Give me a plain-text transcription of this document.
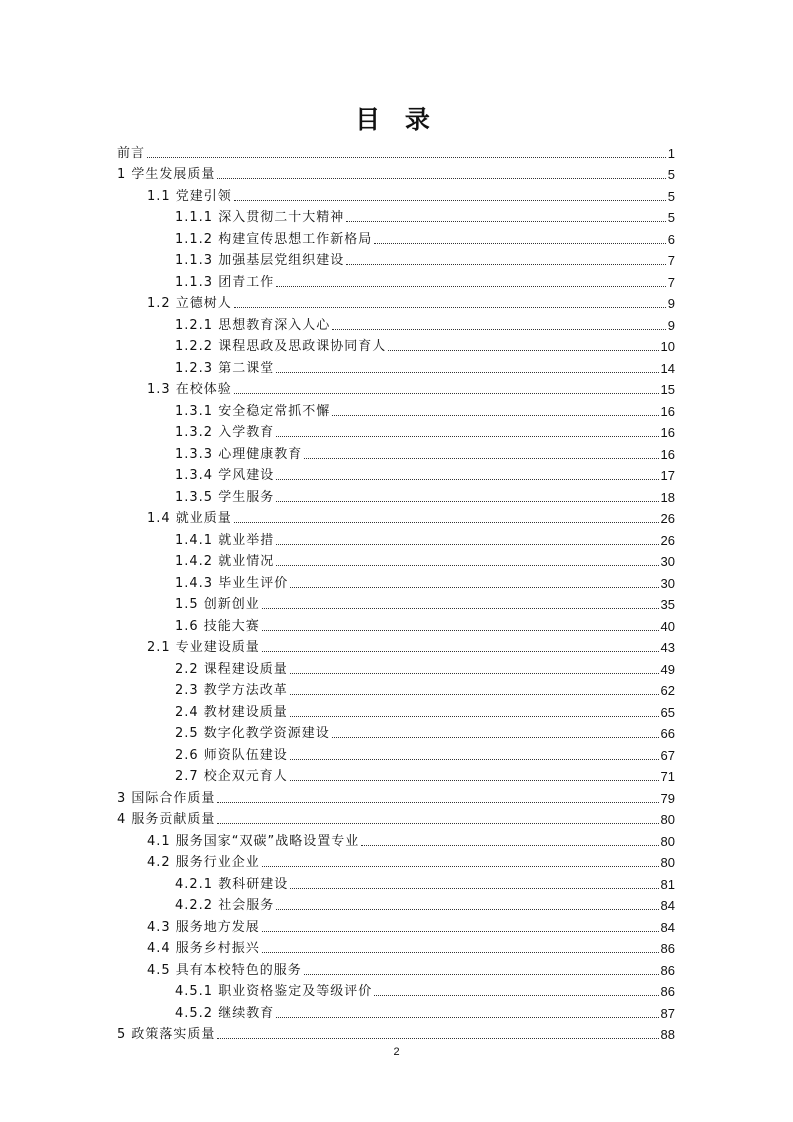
目 录
前言	1
1 学生发展质量	5
1.1 党建引领	5
1.1.1 深入贯彻二十大精神	5
1.1.2 构建宣传思想工作新格局	6
1.1.3 加强基层党组织建设	7
1.1.3 团青工作	7
1.2 立德树人	9
1.2.1 思想教育深入人心	9
1.2.2 课程思政及思政课协同育人	10
1.2.3 第二课堂	14
1.3 在校体验	15
1.3.1 安全稳定常抓不懈	16
1.3.2 入学教育	16
1.3.3 心理健康教育	16
1.3.4 学风建设	17
1.3.5 学生服务	18
1.4 就业质量	26
1.4.1 就业举措	26
1.4.2 就业情况	30
1.4.3 毕业生评价	30
1.5 创新创业	35
1.6 技能大赛	40
2.1 专业建设质量	43
2.2 课程建设质量	49
2.3 教学方法改革	62
2.4 教材建设质量	65
2.5 数字化教学资源建设	66
2.6 师资队伍建设	67
2.7 校企双元育人	71
3 国际合作质量	79
4 服务贡献质量	80
4.1 服务国家“双碳”战略设置专业	80
4.2 服务行业企业	80
4.2.1 教科研建设	81
4.2.2 社会服务	84
4.3 服务地方发展	84
4.4 服务乡村振兴	86
4.5 具有本校特色的服务	86
4.5.1 职业资格鉴定及等级评价	86
4.5.2 继续教育	87
5 政策落实质量	88

2
